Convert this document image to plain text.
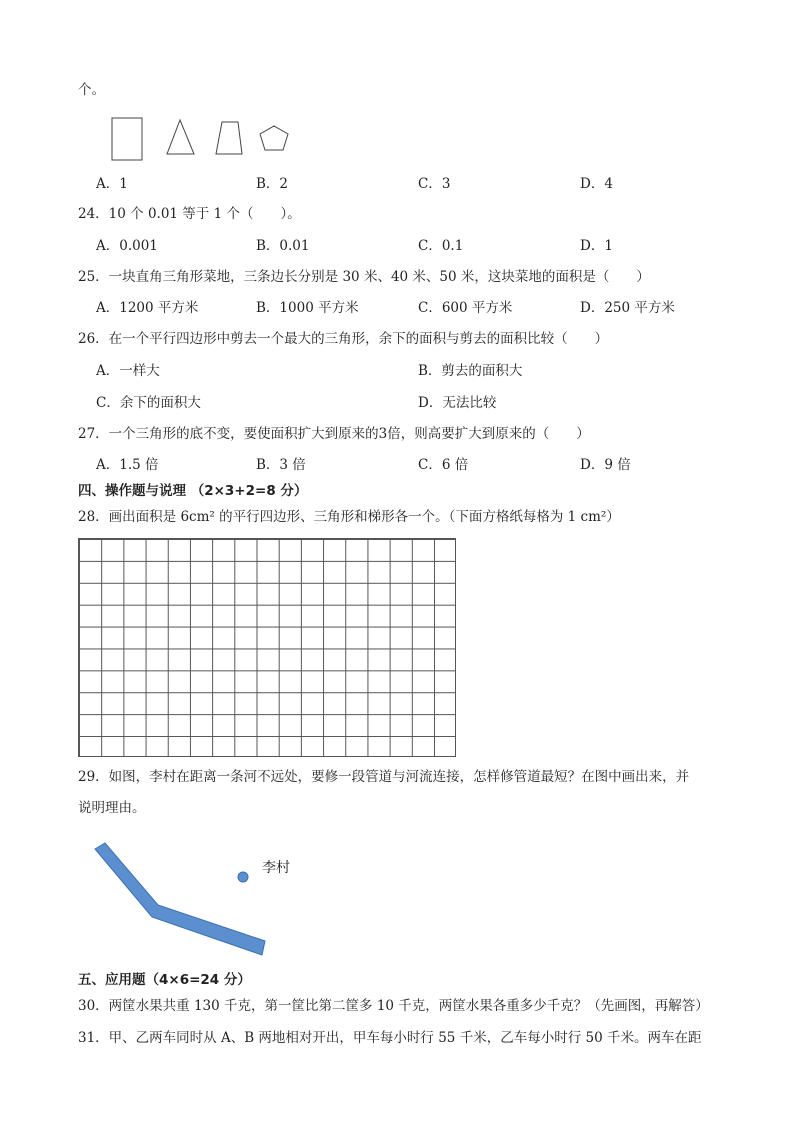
个。
A．1	B．2	C．3	D．4
24．10 个 0.01 等于 1 个（　　）。
A．0.001	B．0.01	C．0.1	D．1
25．一块直角三角形菜地，三条边长分别是 30 米、40 米、50 米，这块菜地的面积是（　　）
A．1200 平方米	B．1000 平方米	C．600 平方米	D．250 平方米
26．在一个平行四边形中剪去一个最大的三角形，余下的面积与剪去的面积比较（　　）
A．一样大	B．剪去的面积大
C．余下的面积大	D．无法比较
27．一个三角形的底不变，要使面积扩大到原来的3倍，则高要扩大到原来的（　　）
A．1.5 倍	B．3 倍	C．6 倍	D．9 倍
四、操作题与说理 （2×3+2=8 分）
28．画出面积是 6cm² 的平行四边形、三角形和梯形各一个。（下面方格纸每格为 1 cm²）
29．如图，李村在距离一条河不远处，要修一段管道与河流连接，怎样修管道最短？在图中画出来，并
说明理由。
李村
五、应用题（4×6=24 分）
30．两筐水果共重 130 千克，第一筐比第二筐多 10 千克，两筐水果各重多少千克？（先画图，再解答）
31．甲、乙两车同时从 A、B 两地相对开出，甲车每小时行 55 千米，乙车每小时行 50 千米。两车在距
